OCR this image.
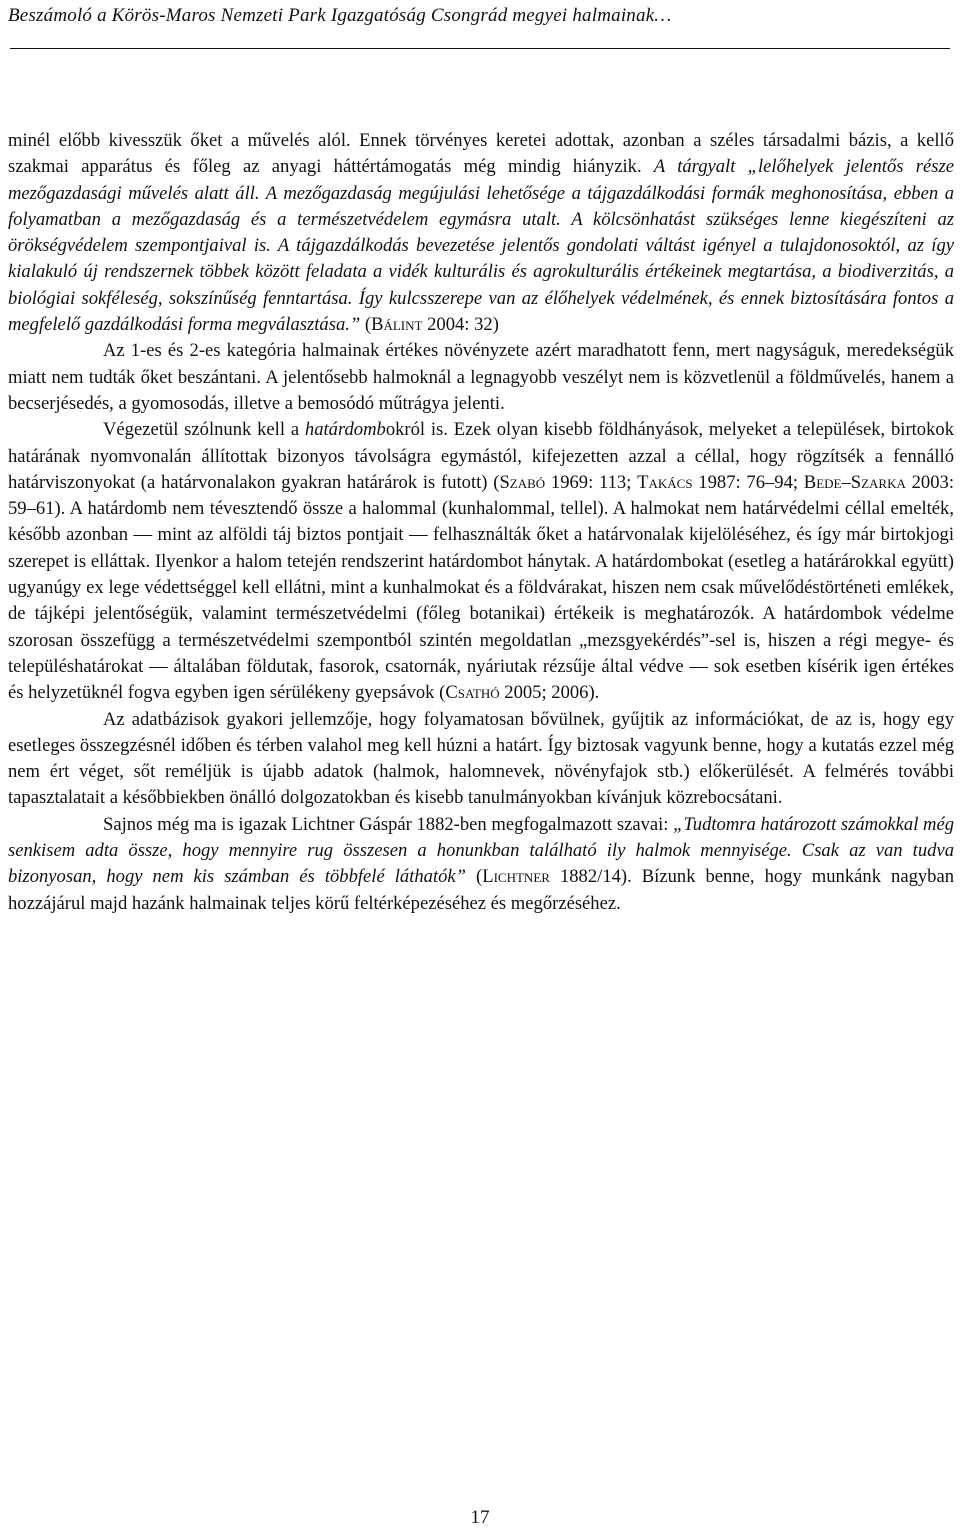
Beszámoló a Körös-Maros Nemzeti Park Igazgatóság Csongrád megyei halmainak…

minél előbb kivesszük őket a művelés alól. Ennek törvényes keretei adottak, azonban a széles társadalmi bázis, a kellő szakmai apparátus és főleg az anyagi háttértámogatás még mindig hiányzik. A tárgyalt „lelőhelyek jelentős része mezőgazdasági művelés alatt áll. A mezőgazdaság megújulási lehetősége a tájgazdálkodási formák meghonosítása, ebben a folyamatban a mezőgazdaság és a természetvédelem egymásra utalt. A kölcsönhatást szükséges lenne kiegészíteni az örökségvédelem szempontjaival is. A tájgazdálkodás bevezetése jelentős gondolati váltást igényel a tulajdonosoktól, az így kialakuló új rendszernek többek között feladata a vidék kulturális és agrokulturális értékeinek megtartása, a biodiverzitás, a biológiai sokféleség, sokszínűség fenntartása. Így kulcsszerepe van az élőhelyek védelmének, és ennek biztosítására fontos a megfelelő gazdálkodási forma megválasztása.” (Bálint 2004: 32)

Az 1-es és 2-es kategória halmainak értékes növényzete azért maradhatott fenn, mert nagyságuk, meredekségük miatt nem tudták őket beszántani. A jelentősebb halmoknál a legnagyobb veszélyt nem is közvetlenül a földművelés, hanem a becserjésedés, a gyomosodás, illetve a bemosódó műtrágya jelenti.

Végezetül szólnunk kell a határdombokról is. Ezek olyan kisebb földhányások, melyeket a települések, birtokok határának nyomvonalán állítottak bizonyos távolságra egymástól, kifejezetten azzal a céllal, hogy rögzítsék a fennálló határviszonyokat (a határvonalakon gyakran határárok is futott) (Szabó 1969: 113; Takács 1987: 76–94; Bede–Szarka 2003: 59–61). A határdomb nem tévesztendő össze a halommal (kunhalommal, tellel). A halmokat nem határvédelmi céllal emelték, később azonban — mint az alföldi táj biztos pontjait — felhasználták őket a határvonalak kijelöléséhez, és így már birtokjogi szerepet is elláttak. Ilyenkor a halom tetején rendszerint határdombot hánytak. A határdombokat (esetleg a határárokkal együtt) ugyanúgy ex lege védettséggel kell ellátni, mint a kunhalmokat és a földvárakat, hiszen nem csak művelődéstörténeti emlékek, de tájképi jelentőségük, valamint természetvédelmi (főleg botanikai) értékeik is meghatározók. A határdombok védelme szorosan összefügg a természetvédelmi szempontból szintén megoldatlan „mezsgyekérdés”-sel is, hiszen a régi megye- és településhatárokat — általában földutak, fasorok, csatornák, nyáriutak rézsűje által védve — sok esetben kísérik igen értékes és helyzetüknél fogva egyben igen sérülékeny gyepsávok (Csathó 2005; 2006).

Az adatbázisok gyakori jellemzője, hogy folyamatosan bővülnek, gyűjtik az információkat, de az is, hogy egy esetleges összegzésnél időben és térben valahol meg kell húzni a határt. Így biztosak vagyunk benne, hogy a kutatás ezzel még nem ért véget, sőt reméljük is újabb adatok (halmok, halomnevek, növényfajok stb.) előkerülését. A felmérés további tapasztalatait a későbbiekben önálló dolgozatokban és kisebb tanulmányokban kívánjuk közrebocsátani.

Sajnos még ma is igazak Lichtner Gáspár 1882-ben megfogalmazott szavai: „Tudtomra határozott számokkal még senkisem adta össze, hogy mennyire rug összesen a honunkban található ily halmok mennyisége. Csak az van tudva bizonyosan, hogy nem kis számban és többfelé láthatók” (Lichtner 1882/14). Bízunk benne, hogy munkánk nagyban hozzájárul majd hazánk halmainak teljes körű feltérképezéséhez és megőrzéséhez.

17
